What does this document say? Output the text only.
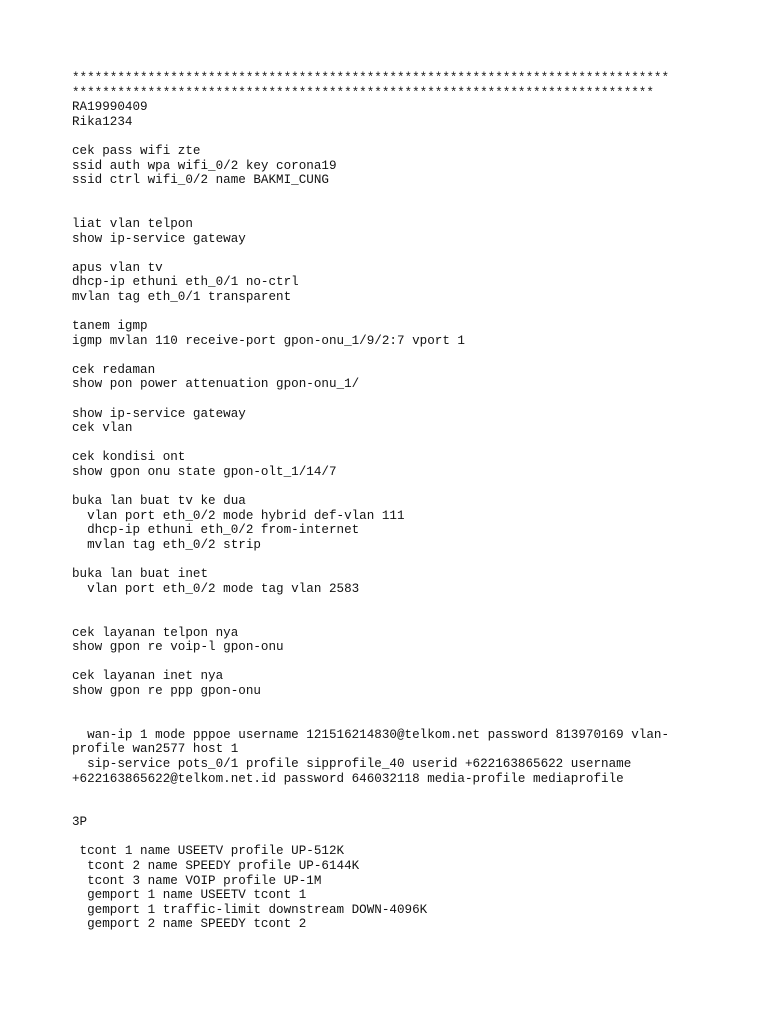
*******************************************************************************
*****************************************************************************
RA19990409
Rika1234
cek pass wifi zte
ssid auth wpa wifi_0/2 key corona19
ssid ctrl wifi_0/2 name BAKMI_CUNG
liat vlan telpon
show ip-service gateway
apus vlan tv
dhcp-ip ethuni eth_0/1 no-ctrl
mvlan tag eth_0/1 transparent
tanem igmp
igmp mvlan 110 receive-port gpon-onu_1/9/2:7 vport 1
cek redaman
show pon power attenuation gpon-onu_1/
show ip-service gateway
cek vlan
cek kondisi ont
show gpon onu state gpon-olt_1/14/7
buka lan buat tv ke dua
vlan port eth_0/2 mode hybrid def-vlan 111
dhcp-ip ethuni eth_0/2 from-internet
mvlan tag eth_0/2 strip
buka lan buat inet
vlan port eth_0/2 mode tag vlan 2583
cek layanan telpon nya
show gpon re voip-l gpon-onu
cek layanan inet nya
show gpon re ppp gpon-onu
wan-ip 1 mode pppoe username 121516214830@telkom.net password 813970169 vlan-
profile wan2577 host 1
sip-service pots_0/1 profile sipprofile_40 userid +622163865622 username
+622163865622@telkom.net.id password 646032118 media-profile mediaprofile
3P
tcont 1 name USEETV profile UP-512K
tcont 2 name SPEEDY profile UP-6144K
tcont 3 name VOIP profile UP-1M
gemport 1 name USEETV tcont 1
gemport 1 traffic-limit downstream DOWN-4096K
gemport 2 name SPEEDY tcont 2
